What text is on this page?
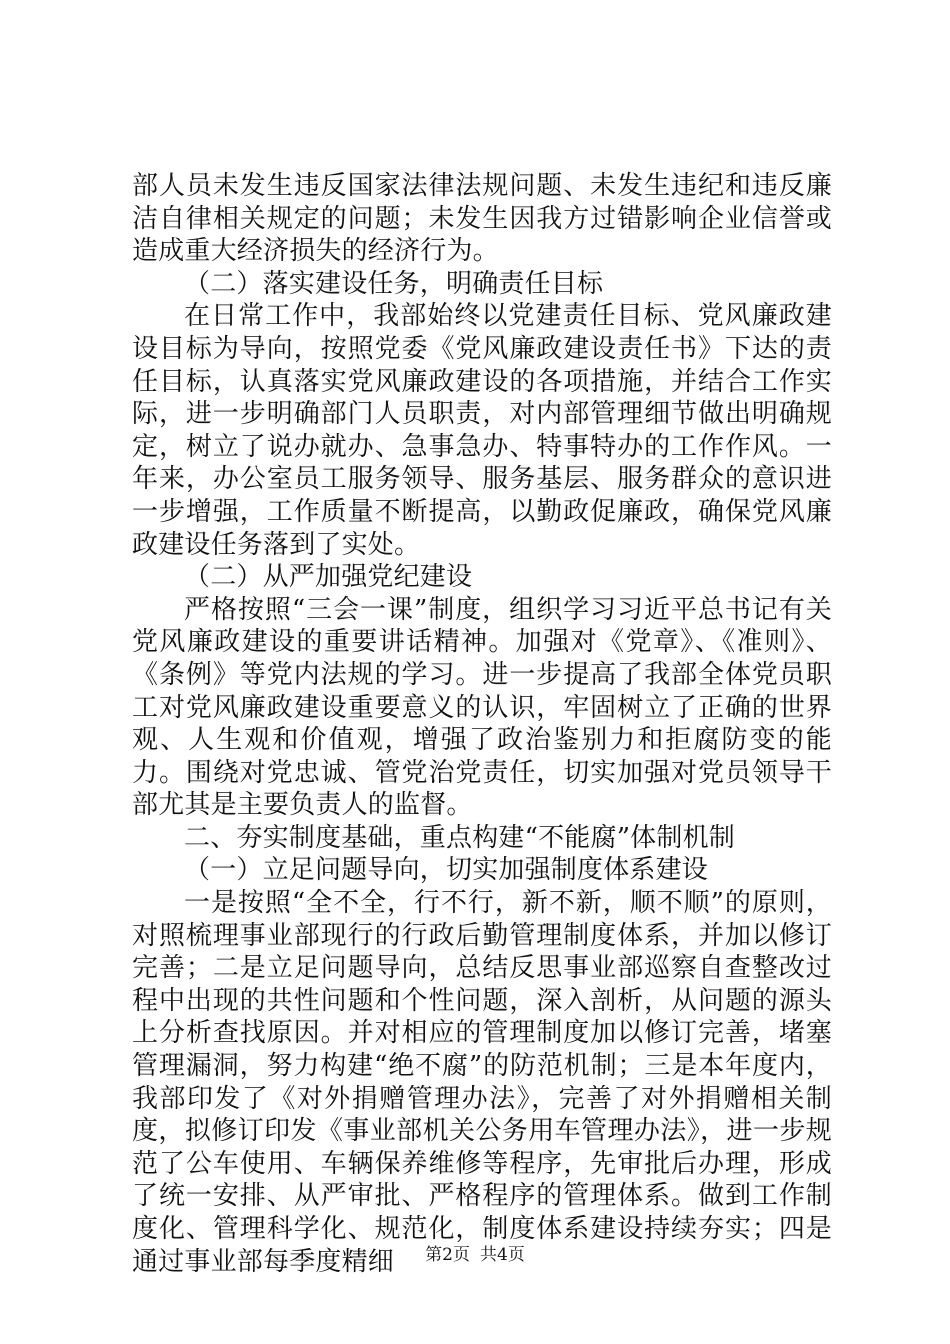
部人员未发生违反国家法律法规问题、未发生违纪和违反廉洁自律相关规定的问题；未发生因我方过错影响企业信誉或造成重大经济损失的经济行为。

（二）落实建设任务，明确责任目标

在日常工作中，我部始终以党建责任目标、党风廉政建设目标为导向，按照党委《党风廉政建设责任书》下达的责任目标，认真落实党风廉政建设的各项措施，并结合工作实际，进一步明确部门人员职责，对内部管理细节做出明确规定，树立了说办就办、急事急办、特事特办的工作作风。一年来，办公室员工服务领导、服务基层、服务群众的意识进一步增强，工作质量不断提高，以勤政促廉政，确保党风廉政建设任务落到了实处。

（二）从严加强党纪建设

严格按照“三会一课”制度，组织学习习近平总书记有关党风廉政建设的重要讲话精神。加强对《党章》、《准则》、《条例》等党内法规的学习。进一步提高了我部全体党员职工对党风廉政建设重要意义的认识，牢固树立了正确的世界观、人生观和价值观，增强了政治鉴别力和拒腐防变的能力。围绕对党忠诚、管党治党责任，切实加强对党员领导干部尤其是主要负责人的监督。

二、夯实制度基础，重点构建“不能腐”体制机制

（一）立足问题导向，切实加强制度体系建设

一是按照“全不全，行不行，新不新，顺不顺”的原则，对照梳理事业部现行的行政后勤管理制度体系，并加以修订完善；二是立足问题导向，总结反思事业部巡察自查整改过程中出现的共性问题和个性问题，深入剖析，从问题的源头上分析查找原因。并对相应的管理制度加以修订完善，堵塞管理漏洞，努力构建“绝不腐”的防范机制；三是本年度内，我部印发了《对外捐赠管理办法》，完善了对外捐赠相关制度，拟修订印发《事业部机关公务用车管理办法》，进一步规范了公车使用、车辆保养维修等程序，先审批后办理，形成了统一安排、从严审批、严格程序的管理体系。做到工作制度化、管理科学化、规范化，制度体系建设持续夯实；四是通过事业部每季度精细	第2页 共4页
